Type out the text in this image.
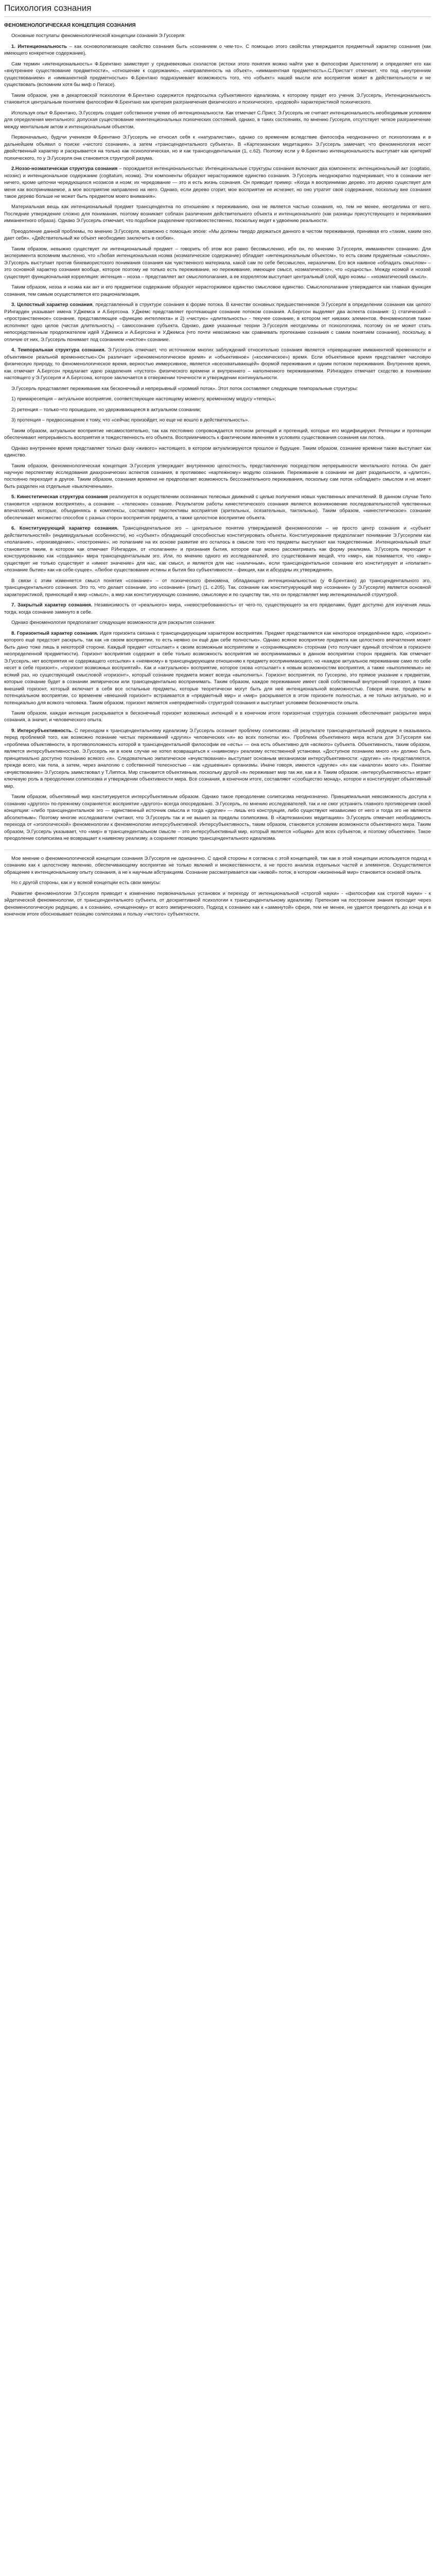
Психология сознания
ФЕНОМЕНОЛОГИЧЕСКАЯ КОНЦЕПЦИЯ СОЗНАНИЯ

Основные постулаты феноменологической концепции сознания Э.Гуссерля:

1. Интенциональность – как основополагающее свойство сознания быть «сознанием о чем-то». С помощью этого свойства утверждается предметный характер сознания (как имеющего конкретное содержание).

Сам термин «интенциональность» Ф.Брентано заимствует у средневековых схоластов (истоки этого понятия можно найти уже в философии Аристотеля) и определяет его как «внутреннее существование предметности», «отношение к содержанию», «направленность на объект», «имманентная предметность».С.Пристагт отмечает, что под «внутренним существованием» и «имманентной предметностью» Ф.Брентано подразумевает возможность того, что «объект» нашей мысли или восприятия может в действительности и не существовать (вспомним хотя бы миф о Пегасе).

Таким образом, уже в декартовской психологии Ф.Брентано содержится предпосылка субъективного идеализма, к которому придет его ученик Э.Гуссерль. Интенциональность становится центральным понятием философии Ф.Брентано как критерия разграничения физического и психического, «родовой» характеристикой психического.

Используя опыт Ф.Брентано, Э.Гуссерль создает собственное учение об интенциональности. Как отмечает С.Прист, Э.Гуссерль не считает интенциональность необходимым условием для определения ментального: допуская существование неинтенциональных психических состояний, однако, в таких состояниях, по мнению Гуссерля, отсутствует четкое разграничение между ментальным актом и интенциональным объектом.

Первоначально, будучи учеником Ф.Брентано Э.Гуссерль не относил себя к «натуралистам», однако со временем вследствие философа неоднозначно от психологизма и в дальнейшем объявил о поиске «чистого сознания», а затем «трансцендентального субъекта». В «Картезианских медитациях» Э.Гуссерль замечает, что феноменология несет двойственный характер и раскрывается на только как психологическая, но и как трансцендентальная (1, с.62). Поэтому если у Ф.Брентано интенциональность выступает как критерий психического, то у Э.Гуссерля она становится структурой разума.

2.Ноэзо-ноэматическая структура сознания – порождается интенциональностью: Интенциональные структуры сознания включают два компонента: интенциональный акт (cogitatio, ноэзис) и интенциональное содержание (cogitatum, ноэма). Эти компоненты образуют нерасторжимое единство сознания. Э.Гуссерль неоднократно подчеркивает, что в сознании нет ничего, кроме цепочки чередующихся ноэзисов и ноэм; их чередование — это и есть жизнь сознания. Он приводит пример: «Когда я воспринимаю дерево, это дерево существует для меня как воспринимаемое, а мое восприятие направлено на него. Однако, если дерево сгорит, мое восприятие не исчезнет, но оно утратит своё содержание, поскольку вне сознания такое дерево больше не может быть предметом моего внимания».

Материальная вещь как интенциональный предмет трансцендентна по отношению к переживанию, она не является частью сознания, но, тем не менее, неотделима от него. Последние утверждение сложно для понимания, поэтому возникает соблазн различения действительного объекта и интенционального (как разницы присутствующего и переживания имманентного образа). Однако Э.Гуссерль отмечает, что подобное разделение противоестественно, поскольку ведет к удвоению реальности.

Преодоление данной проблемы, по мнению Э.Гуссерля, возможно с помощью эпохе: «Мы должны твердо держаться данного в чистом переживании, принимая его «таким, каким оно дает себя». «Действительный же объект необходимо заключить в скобки».

Таким образом, невыжно существует ли интенциональный предмет – говорить об этом все равно бессмысленно, ибо он, по мнению Э.Гуссерля, имманентен сознанию. Для эксперимента вспомним мысленно, что «Любая интенциональная ноэма (ноэматическое содержание) обладает «интенциональным объектом», то есть своим предметным «смыслом». Э.Гуссерль выступает против бихевиористского понимания сознания как чувственного материала, какой сам по себе бессмыслен, неразличим. Его вся наивное «обладать смыслом» – это основной характер сознания вообще, которое поэтому не только есть переживание, но переживание, имеющее смысл, ноэматическое», что «сущность». Между ноэмой и ноэзой существует функциональная корреляция: интенция – ноэза – представляет акт смыслополагания, а ее коррелятом выступает центральный слой, ядро ноэмы – «ноэматический смысл».

Таким образом, ноэза и ноэма как акт и его предметное содержание образуют нерасторжимое единство смысловое единство. Смыслополагание утверждается как главная функция сознания, тем самым осуществляется его рационализация.

3. Целостный характер сознания, представленный в структуре сознания в форме потока. В качестве основных предшественников Э.Гуссерля в определении сознания как целого Р.Ингарден указывает имена У.Джемса и А.Бергсона. У.Джемс представляет протекающее сознание потоком сознания. А.Бергсон выделяет два аспекта сознания: 1) статический – «пространственное» сознание, представляющее «функцию интеллекта» и 2) «чистую» «длительность» - текучее сознание, в котором нет никаких элементов. Феноменология также исполняют одно целое (чистая длительность) – самосознание субъекта. Однако, даже указанные теории Э.Гуссерля неотделимы от психологизма, поэтому он не может стать непосредственным продолжателем идей У.Джемса и А.Бергсона и У.Джемса (что почти невозможно как сравнивать протекание сознания с самим понятием сознания), поскольку, в отличие от них, Э.Гуссерль понимает под сознанием «чистое» сознание.

4. Темпоральная структура сознания. Э.Гуссерль отмечает, что источником многих заблуждений относительно сознания является «превращение имманентной временности и объективное реальной временностью».Он различает «феноменологическое время» и «объективное» («космическое») время. Если объективное время представляет числовую физическую природу, то феноменологическое время, верностью иммерсивное, является «всеохватывающей» формой переживания и одним потоком переживания. Внутреннее время, как отмечает А.Бергсон предлагает идею разделения «пустого» физического времени и внутреннего – наполненного переживаниями. Р.Ингарден отмечает сходство в понимании настоящего у Э.Гуссерля и А.Бергсона, которое заключается в отвержении точечности и утверждении континуальности.

Э.Гуссерль представляет переживание как бесконечный и непрерывный «громкий поток». Этот поток составляют следующие темпоральные структуры:

1) примаресепция – актуальное восприятие, соответствующее настоящему моменту, временному модусу «теперь»;

2) ретенция – только-что прошедшее, но удерживающееся в актуальном сознании;

3) протенция – предвосхищение к тому, что «сейчас произойдет, но еще не вошло в действительность».

Таким образом, актуальное восприятие несамостоятельно, так как постоянно сопровождается потоком ретенций и протенций, которые его модифицируют. Ретенции и протенции обеспечивают непрерывность восприятия и тождественность его объекта. Восприимчивость к фактическим явлениям в условиях существования сознания как потока.

Однако внутреннее время представляет только фазу «живого» настоящего, в котором актуализируются прошлое и будущее. Таким образом, сознание времени также выступает как единство.

Таким образом, феноменологическая концепция Э.Гуссерля утверждает внутреннюю целостность, представленную посредством непрерывности ментального потока. Он дает научную перспективу исследования диахронических аспектов сознания, в противовес «картежному» модулю сознания. Переживание в сознании не дает раздельности, а «длится», постоянно переходит в другое. Таким образом, сознания времени не предполагает возможность бессознательного переживания, поскольку сам поток «обладает» смыслом и не может быть разделен на отдельные «выключенными».

5. Кинестетическая структура сознания реализуется в осуществлении осознанных телесных движений с целью получения новых чувственных впечатлений. В данном случае Тело становится «органом восприятия», а сознание – «телесное» сознание. Результатом работы кинестетического сознания является возникновение последовательностей чувственных впечатлений, которые, объединяясь в комплексы, составляют перспективы восприятия (зрительных, осязательных, тактильных). Таким образом, «кинестетическое» сознание обеспечивает множество способов с разных сторон восприятия предмета, а также целостное восприятие объекта.

6. Конституирующий характер сознания. Трансцендентальное эго – центральное понятие утверждаемой феноменологии – не просто центр сознания и «субъект действительностей» (индивидуальные особенности), но «субъект» обладающий способностью конституировать объекты. Конституирование предполагает понимание Э.Гуссерлем как «полагание», «произведение», «построение», но полагание на их основе развитие его осталось в смысле того что предметы выступают как тождественные. Интенциональный опыт становится таким, в котором как отмечает Р.Ингарден, от «полагания» и признания бытия, которое еще можно рассматривать как форму реализма, Э.Гуссерль переходит к конструированию как «созданию» мира трансцендентальным эго. Или, по мнению одного из исследователей, это существования вещей, что «мир», как понимается, что «мир» существует не только существует и «имеет значение» для нас, как смысл, и является для нас «наличным», если трансцендентальное сознание его конституирует и «полагает» «познание бытие» как «в-себе-сущее». «Любое существование истины и бытия без субъективности – фикция, как и абсурдны их утверждения».

В связи с этим изменяется смысл понятия «сознание» – от психического феномена, обладающего интенциональностью (у Ф.Брентано) до трансцендентального эго, трансцендентального сознания. Это то, что делает сознание, это «сознание» (опыт) (1, с.205). Так, сознание как конституирующий мир «сознание» (у Э.Гуссерля) является основной характеристикой, приносящей в мир «смысл», а мир как конституирующую сознанию, смысловую и по существу так, что он представляет мир интенциональной структурой.

7. Закрытый характер сознания. Независимость от «реального» мира, «невостребованность» от чего-то, существующего за его пределами, будет доступно для изучения лишь тогда, когда сознание замкнуто в себе.

Однако феноменология предполагает следующие возможности для раскрытия сознания:

8. Горизонтный характер сознания. Идея горизонта связана с трансцендирующим характером восприятия. Предмет представляется как некоторое определённое ядро, «горизонт» которого ещё предстоит раскрыть, так как «в своем восприятии, то есть неявно он ещё дан себе полностью». Однако всякое восприятие предмета как целостного впечатления может быть дано тоже лишь в некоторой стороне. Каждый предмет «отсылает» к своим возможным восприятиям и «сохраняющимся» сторонам (что получают единый отсчётом в горизонте неопределенной предметности). Горизонт восприятия содержит в себе только возможность восприятия не воспринимаемых в данном восприятии сторон предмета. Как отмечает Э.Гуссерль, нет восприятия не содержащего «отсылки» к «неявному» в трансцендирующем отношению к предмету воспринимающего, но «каждое актуальное переживание само по себе несет в себе горизонт», «горизонт возможных восприятий». Как и «актуальное» восприятие, которое снова «отсылает» к новым возможностям восприятия, а также «выполняемые» не всякий раз, но существующий смысловой «горизонт», который сознание предмета может всегда «выполнить». Горизонт восприятия, по Гуссерлю, это прямое указание к предметам, которые сознание будет в сознании эмпирически или трансцендентально воспринимать. Таким образом, каждое переживание имеет свой собственный внутренний горизонт, а также внешний горизонт, который включает в себя все остальные предметы, которые теоретически могут быть для неё интенциональной возможностью. Говоря иначе, предметы в потенциальном восприятии, со временем «внешний горизонт» встраивается в «предметный мир» и «мир» раскрывается в этом горизонте полностью, а не только актуально, но и потенциально для всякого человека. Таким образом, горизонт является «непредметной» структурой сознания и выступает условием бесконечности опыта.

Таким образом, каждая интенция раскрывается в бесконечный горизонт возможных интенций и в конечном итоге горизонтная структура сознания обеспечивает раскрытие мира сознания, а значит, и человеческого опыта.

9. Интерсубъективность. С переходом к трансцендентальному идеализму Э.Гуссерль осознает проблему солипсизма: «В результате трансцендентальной редукции я оказываюсь перед проблемой того, как возможно познание чистых переживаний «других» человеческих «я» во всех полнотах их». Проблема объективного мира встала для Э.Гуссерля как «проблема объективности, в противоположность которой в трансцендентальной философии ее «есть» — она есть объективно для «всякого» субъекта. Объективность, таким образом, является интерсубъективностью. Э.Гуссерль ни в коем случае не хотел возвращаться к «наивному» реализму естественной установки. «Доступное познанию много «я» должно быть принципиально доступно познанию всякого «я». Следовательно эмпатическое «вчувствование» выступает основным механизмом интерсубъективности: «другие» «я» представляются, прежде всего, как тела, а затем, через аналогию с собственной телесностью – как «душевные» организмы. Иначе говоря, имеются «другие» «я» как «аналоги» моего «я». Понятие «вчувствование» Э.Гуссерль заимствовал у Т.Липпса. Мир становится объективным, поскольку другой «я» переживает мир так же, как и я. Таким образом, «интерсубъективность» играет ключевую роль в преодолении солипсизма и утверждении объективности мира. Все сознания, в конечном итоге, составляют «сообщество монад», которое и конституирует объективный мир.

Таким образом, объективный мир конституируется интерсубъективным образом. Однако такое преодоление солипсизма неоднозначно. Принципиальная невозможность доступа к сознанию «другого» по-прежнему сохраняется: восприятие «другого» всегда опосредовано. Э.Гуссерль, по мнению исследователей, так и не смог устранить главного противоречия своей концепции: «либо трансцендентальное эго — единственный источник смысла и тогда «другие» — лишь его конструкция, либо существуют независимо от него и тогда эго не является абсолютным». Поэтому многие исследователи считают, что Э.Гуссерль так и не вышел за пределы солипсизма. В «Картезианских медитациях» Э.Гуссерль отмечает необходимость перехода от «эгологической» феноменологии к феноменологии интерсубъективной. Интерсубъективность, таким образом, становится условием возможности объективного мира. Таким образом, Э.Гуссерль указывает, что «мир» в трансцендентальном смысле – это интерсубъективный мир, который является «общим» для всех субъектов, и поэтому объективен. Такое преодоление солипсизма не возвращает к наивному реализму, а сохраняет позицию трансцендентального идеализма.

Мое мнение о феноменологической концепции сознания Э.Гуссерля не однозначно. С одной стороны я согласна с этой концепцией, так как в этой концепции используется подход к сознанию как к целостному явлению, обеспечивающему восприятие не только явлений и множественности, а не просто анализа отдельных частей и элементов. Осуществляется обращение к интенциональному опыту сознания, а не к научным абстракциям. Сознание рассматривается как «живой» поток, в котором «жизненный мир» становится основой опыта.

Но с другой стороны, как и у всякой концепции есть свои минусы:

Развитие феноменологии Э.Гуссерля приводит к изменению первоначальных установок и переходу от интенциональной «строгой науки» - «философии как строгой науки» - к эйдетической феноменологии, от трансцендентального субъекта, от дескриптивной психологии к трансцендентальному идеализму. Претензия на построение знания проходит через феноменологическую редукцию, а к сознанию, «очищенному» от всего эмпирического. Подход к сознанию как к «замкнутой» сфере, тем не менее, не удается преодолеть до конца и в конечном итоге обосновывает позицию солипсизма и пользу «чистого» субъектности.
